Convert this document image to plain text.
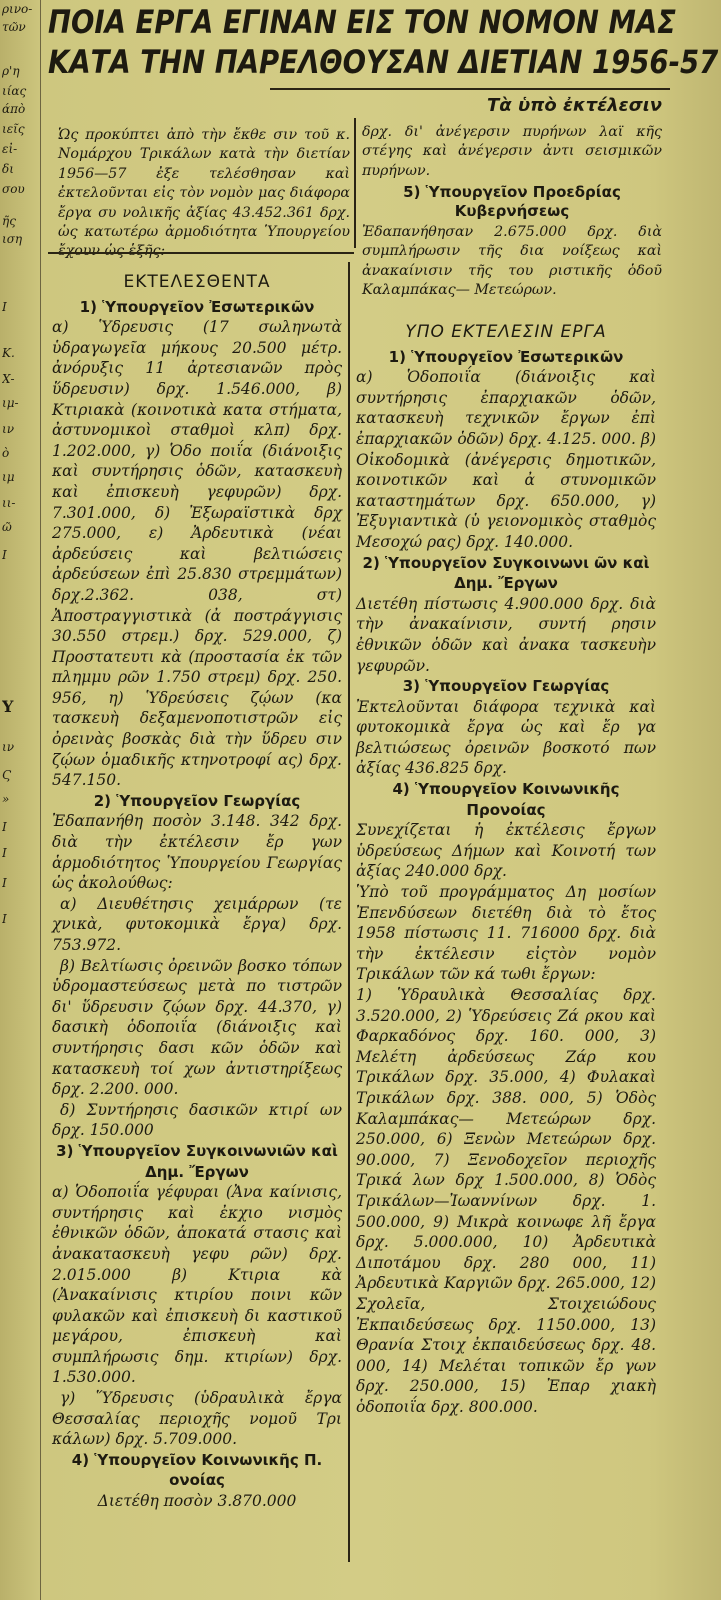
ρινο-
τῶν
ρ'η
ιίας
άπὸ
ιεῖς
εἰ-
δι
σου
ῆς
ιση
Ι
Κ.
Χ-
ιμ-
ιν
ὸ
ιμ
ιι-
ῶ
Ι
Υ
ιν
Ϛ
»
Ι
Ι
Ι
Ι
ΠΟΙΑ ΕΡΓΑ ΕΓΙΝΑΝ ΕΙΣ ΤΟΝ ΝΟΜΟΝ ΜΑΣ
ΚΑΤΑ ΤΗΝ ΠΑΡΕΛΘΟΥΣΑΝ ΔΙΕΤΙΑΝ 1956-57

Ὡς προκύπτει ἀπὸ τὴν ἔκθε σιν τοῦ κ. Νομάρχου Τρικάλων κατὰ τὴν διετίαν 1956—57 ἐξε τελέσθησαν καὶ ἐκτελοῦνται εἰς τὸν νομὸν μας διάφορα ἔργα συ νολικῆς ἀξίας 43.452.361 δρχ. ὡς κατωτέρω ἀρμοδιότητα Ὑπουργείου

Τὰ ὑπὸ ἐκτέλεσιν

δρχ. δι' ἀνέγερσιν πυρήνων λαϊ κῆς στέγης καὶ ἀνέγερσιν ἀντι σεισμικῶν πυρήνων.

5) Ὑπουργεῖον Προεδρίας Κυβερνήσεως

Ἐδαπανήθησαν 2.675.000 δρχ. διὰ συμπλήρωσιν τῆς δια νοίξεως καὶ ἀνακαίνισιν τῆς του ριστικῆς ὁδοῦ Καλαμπάκας— Μετεώρων.

ΕΚΤΕΛΕΣΘΕΝΤΑ
1) Ὑπουργεῖον Ἐσωτερικῶν

α) Ὑδρευσις (17 σωληνωτὰ ὑδραγωγεῖα μήκους 20.500 μέτρ. ἀνόρυξις 11 ἀρτεσιανῶν πρὸς ὕδρευσιν) δρχ. 1.546.000, β) Κτιριακὰ (κοινοτικὰ κατα στήματα, ἀστυνομικοὶ σταθμοὶ κλπ) δρχ. 1.202.000, γ) Ὁδο ποιΐα (διάνοιξις καὶ συντήρησις ὁδῶν, κατασκευὴ καὶ ἐπισκευὴ γεφυρῶν) δρχ. 7.301.000, δ) Ἐξωραϊστικὰ δρχ 275.000, ε) Ἀρδευτικὰ (νέαι ἀρδεύσεις καὶ βελτιώσεις ἀρδεύσεων ἐπὶ 25.830 στρεμμάτων) δρχ.2.362. 038, στ) Ἀποστραγγιστικὰ (ἀ ποστράγγισις 30.550 στρεμ.) δρχ. 529.000, ζ) Προστατευτι κὰ (προστασία ἐκ τῶν πλημμυ ρῶν 1.750 στρεμ) δρχ. 250. 956, η) Ὑδρεύσεις ζῴων (κα τασκευὴ δεξαμενοποτιστρῶν εἰς ὀρεινὰς βοσκὰς διὰ τὴν ὕδρευ σιν ζῴων ὁμαδικῆς κτηνοτροφί ας) δρχ. 547.150.

2) Ὑπουργεῖον Γεωργίας

Ἐδαπανήθη ποσὸν 3.148. 342 δρχ. διὰ τὴν ἐκτέλεσιν ἔρ γων ἁρμοδιότητος Ὑπουργείου Γεωργίας ὡς ἀκολούθως:

α) Διευθέτησις χειμάρρων (τε χνικὰ, φυτοκομικὰ ἔργα) δρχ. 753.972.

β) Βελτίωσις ὀρεινῶν βοσκο τόπων ὑδρομαστεύσεως μετὰ πο τιστρῶν δι' ὕδρευσιν ζῴων δρχ. 44.370, γ) δασικὴ ὁδοποιΐα (διάνοιξις καὶ συντήρησις δασι κῶν ὁδῶν καὶ κατασκευὴ τοί χων ἀντιστηρίξεως δρχ. 2.200. 000.

δ) Συντήρησις δασικῶν κτιρί ων δρχ. 150.000

3) Ὑπουργεῖον Συγκοινωνιῶν καὶ Δημ. Ἔργων

α) Ὁδοποιΐα γέφυραι (Ἀνα καίνισις, συντήρησις καὶ ἐκχιο νισμὸς ἐθνικῶν ὁδῶν, ἀποκατά στασις καὶ ἀνακατασκευὴ γεφυ ρῶν) δρχ. 2.015.000 β) Κτιρια κὰ (Ἀνακαίνισις κτιρίου ποινι κῶν φυλακῶν καὶ ἐπισκευὴ δι καστικοῦ μεγάρου, ἐπισκευὴ καὶ συμπλήρωσις δημ. κτιρίων) δρχ. 1.530.000.

γ) Ὕδρευσις (ὑδραυλικὰ ἔργα Θεσσαλίας περιοχῆς νομοῦ Τρι κάλων) δρχ. 5.709.000.

4) Ὑπουργεῖον Κοινωνικῆς Π. ονοίας

Διετέθη ποσὸν 3.870.000

ΥΠΟ ΕΚΤΕΛΕΣΙΝ ΕΡΓΑ
1) Ὑπουργεῖον Ἐσωτερικῶν

α) Ὁδοποιΐα (διάνοιξις καὶ συντήρησις ἐπαρχιακῶν ὁδῶν, κατασκευὴ τεχνικῶν ἔργων ἐπὶ ἐπαρχιακῶν ὁδῶν) δρχ. 4.125. 000. β) Οἰκοδομικὰ (ἀνέγερσις δημοτικῶν, κοινοτικῶν καὶ ἀ στυνομικῶν καταστημάτων δρχ. 650.000, γ) Ἐξυγιαντικὰ (ὑ γειονομικὸς σταθμὸς Μεσοχώ ρας) δρχ. 140.000.

2) Ὑπουργεῖον Συγκοινωνι ῶν καὶ Δημ. Ἔργων

Διετέθη πίστωσις 4.900.000 δρχ. διὰ τὴν ἀνακαίνισιν, συντή ρησιν ἐθνικῶν ὁδῶν καὶ ἀνακα τασκευὴν γεφυρῶν.

3) Ὑπουργεῖον Γεωργίας

Ἐκτελοῦνται διάφορα τεχνικὰ καὶ φυτοκομικὰ ἔργα ὡς καὶ ἔρ γα βελτιώσεως ὀρεινῶν βοσκοτό πων ἀξίας 436.825 δρχ.

4) Ὑπουργεῖον Κοινωνικῆς Προνοίας

Συνεχίζεται ἡ ἐκτέλεσις ἔργων ὑδρεύσεως Δήμων καὶ Κοινοτή των ἀξίας 240.000 δρχ.

Ὑπὸ τοῦ προγράμματος Δη μοσίων Ἐπενδύσεων διετέθη διὰ τὸ ἔτος 1958 πίστωσις 11. 716000 δρχ. διὰ τὴν ἐκτέλεσιν εἰςτὸν νομὸν Τρικάλων τῶν κά τωθι ἔργων:

1) Ὑδραυλικὰ Θεσσαλίας δρχ. 3.520.000, 2) Ὑδρεύσεις Ζά ρκου καὶ Φαρκαδόνος δρχ. 160. 000, 3) Μελέτη ἀρδεύσεως Ζάρ κου Τρικάλων δρχ. 35.000, 4) Φυλακαὶ Τρικάλων δρχ. 388. 000, 5) Ὁδὸς Καλαμπάκας— Μετεώρων δρχ. 250.000, 6) Ξενὼν Μετεώρων δρχ. 90.000, 7) Ξενοδοχεῖον περιοχῆς Τρικά λων δρχ 1.500.000, 8) Ὁδὸς Τρικάλων—Ἰωαννίνων δρχ. 1. 500.000, 9) Μικρὰ κοινωφε λῆ ἔργα δρχ. 5.000.000, 10) Ἀρδευτικὰ Διποτάμου δρχ. 280 000, 11) Ἀρδευτικὰ Καργιῶν δρχ. 265.000, 12) Σχολεῖα, Στοιχειώδους Ἐκπαιδεύσεως δρχ. 1150.000, 13) Θρανία Στοιχ ἐκπαιδεύσεως δρχ. 48. 000, 14) Μελέται τοπικῶν ἔρ γων δρχ. 250.000, 15) Ἐπαρ χιακὴ ὁδοποιΐα δρχ. 800.000.
